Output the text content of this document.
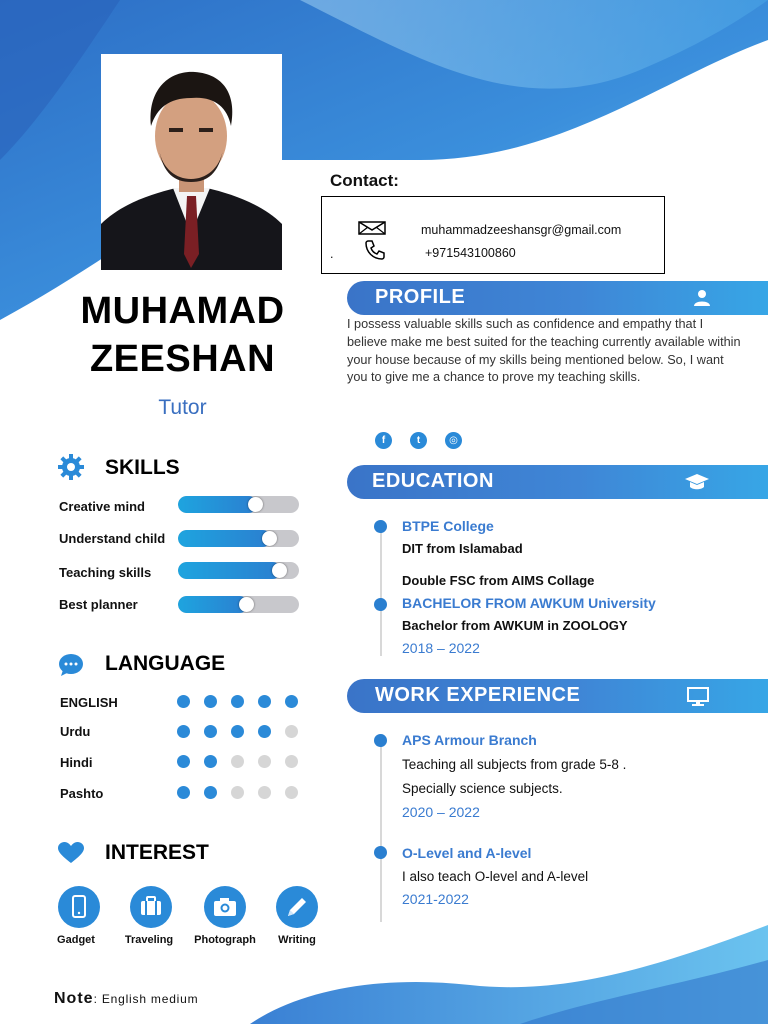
MUHAMAD
ZEESHAN
Tutor
SKILLS
Creative mind
Understand child
Teaching skills
Best planner
LANGUAGE
ENGLISH
Urdu
Hindi
Pashto
INTEREST
Gadget	Traveling	Photograph	Writing
Note: English medium
Contact:
muhammadzeeshansgr@gmail.com
.	+971543100860
PROFILE
I possess valuable skills such as confidence and empathy that I believe make me best suited for the teaching currently available within your house because of my skills being mentioned below. So, I want you to give me a chance to prove my teaching skills.
f	t	◎
EDUCATION
BTPE College
DIT from Islamabad
Double FSC from AIMS Collage
BACHELOR FROM AWKUM University
Bachelor from AWKUM in ZOOLOGY
2018 – 2022
WORK EXPERIENCE
APS Armour Branch
Teaching all subjects from grade 5-8 .
Specially science subjects.
2020 – 2022
O-Level and A-level
I also teach O-level and A-level
2021-2022
